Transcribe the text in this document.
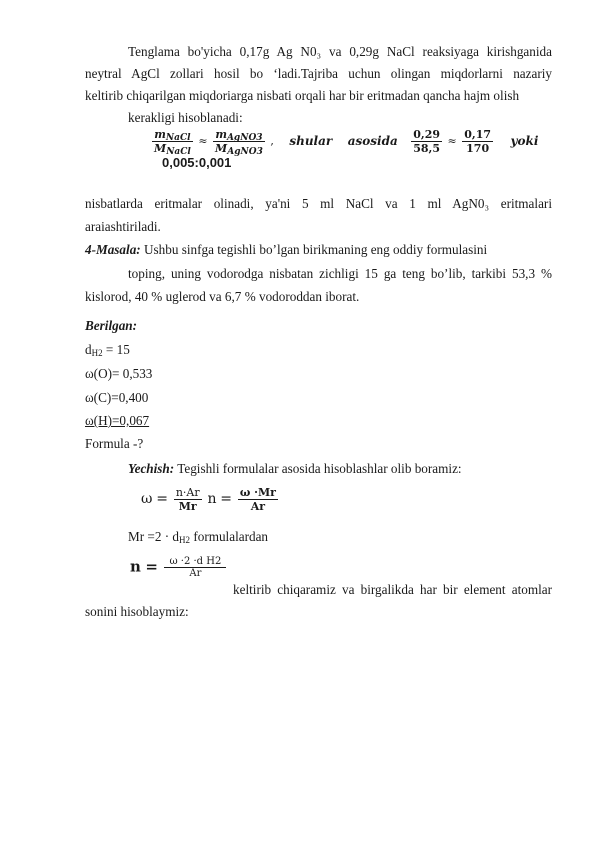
Tenglama bo'yicha 0,17g Ag N0₃ va 0,29g NaCl reaksiyaga kirishganida
neytral AgCl zollari hosil bo ‘ladi.Tajriba uchun olingan miqdorlarni nazariy
keltirib chiqarilgan miqdoriarga nisbati orqali har bir eritmadan qancha hajm olish
kerakligi hisoblanadi:
$\frac{m_{NaCl}}{M_{NaCl}} \approx \frac{m_{AgNO3}}{M_{AgNO3}}$ , shular asosida $\frac{0,29}{58,5} \approx \frac{0,17}{170}$ yoki 0,005:0,001
nisbatlarda eritmalar olinadi, ya'ni 5 ml NaCl va 1 ml AgN0₃ eritmalari
araiashtiriladi.
4-Masala: Ushbu sinfga tegishli bo’lgan birikmaning eng oddiy formulasini
toping, uning vodorodga nisbatan zichligi 15 ga teng bo’lib, tarkibi 53,3 %
kislorod, 40 % uglerod va 6,7 % vodoroddan iborat.
Berilgan:
$d_{H2} = 15$
ω(O)= 0,533
ω(C)=0,400
ω(H)=0,067
Formula -?
Yechish: Tegishli formulalar asosida hisoblashlar olib boramiz:
$\omega = \frac{n\cdot Ar}{Mr}$ $n = \frac{\omega \cdot Mr}{Ar}$
$Mr =2 \cdot d_{H2}$ formulalardan
$n = \frac{\text{ω ·2 ·d H2}}{Ar}$
keltirib chiqaramiz va birgalikda har bir element atomlar
sonini hisoblaymiz:
